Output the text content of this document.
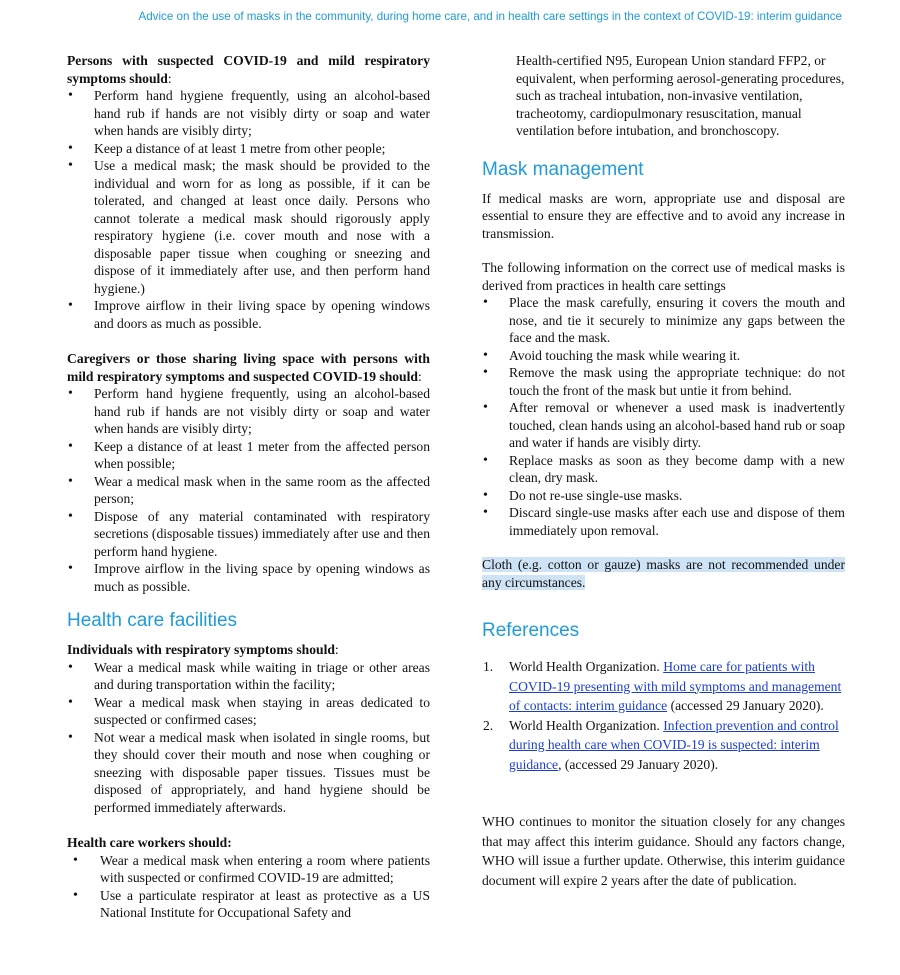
Advice on the use of masks in the community, during home care, and in health care settings in the context of COVID-19: interim guidance

Persons with suspected COVID-19 and mild respiratory symptoms should:

• Perform hand hygiene frequently, using an alcohol-based hand rub if hands are not visibly dirty or soap and water when hands are visibly dirty;
• Keep a distance of at least 1 metre from other people;
• Use a medical mask; the mask should be provided to the individual and worn for as long as possible, if it can be tolerated, and changed at least once daily. Persons who cannot tolerate a medical mask should rigorously apply respiratory hygiene (i.e. cover mouth and nose with a disposable paper tissue when coughing or sneezing and dispose of it immediately after use, and then perform hand hygiene.)
• Improve airflow in their living space by opening windows and doors as much as possible.

Caregivers or those sharing living space with persons with mild respiratory symptoms and suspected COVID-19 should:

• Perform hand hygiene frequently, using an alcohol-based hand rub if hands are not visibly dirty or soap and water when hands are visibly dirty;
• Keep a distance of at least 1 meter from the affected person when possible;
• Wear a medical mask when in the same room as the affected person;
• Dispose of any material contaminated with respiratory secretions (disposable tissues) immediately after use and then perform hand hygiene.
• Improve airflow in the living space by opening windows as much as possible.
Health care facilities

Individuals with respiratory symptoms should:

• Wear a medical mask while waiting in triage or other areas and during transportation within the facility;
• Wear a medical mask when staying in areas dedicated to suspected or confirmed cases;
• Not wear a medical mask when isolated in single rooms, but they should cover their mouth and nose when coughing or sneezing with disposable paper tissues. Tissues must be disposed of appropriately, and hand hygiene should be performed immediately afterwards.

Health care workers should:

• Wear a medical mask when entering a room where patients with suspected or confirmed COVID-19 are admitted;
• Use a particulate respirator at least as protective as a US National Institute for Occupational Safety and

Health-certified N95, European Union standard FFP2, or equivalent, when performing aerosol-generating procedures, such as tracheal intubation, non-invasive ventilation, tracheotomy, cardiopulmonary resuscitation, manual ventilation before intubation, and bronchoscopy.

Mask management

If medical masks are worn, appropriate use and disposal are essential to ensure they are effective and to avoid any increase in transmission.

The following information on the correct use of medical masks is derived from practices in health care settings

• Place the mask carefully, ensuring it covers the mouth and nose, and tie it securely to minimize any gaps between the face and the mask.
• Avoid touching the mask while wearing it.
• Remove the mask using the appropriate technique: do not touch the front of the mask but untie it from behind.
• After removal or whenever a used mask is inadvertently touched, clean hands using an alcohol-based hand rub or soap and water if hands are visibly dirty.
• Replace masks as soon as they become damp with a new clean, dry mask.
• Do not re-use single-use masks.
• Discard single-use masks after each use and dispose of them immediately upon removal.

Cloth (e.g. cotton or gauze) masks are not recommended under any circumstances.

References
1. World Health Organization. Home care for patients with COVID-19 presenting with mild symptoms and management of contacts: interim guidance (accessed 29 January 2020).
2. World Health Organization. Infection prevention and control during health care when COVID-19 is suspected: interim guidance, (accessed 29 January 2020).

WHO continues to monitor the situation closely for any changes that may affect this interim guidance. Should any factors change, WHO will issue a further update. Otherwise, this interim guidance document will expire 2 years after the date of publication.
